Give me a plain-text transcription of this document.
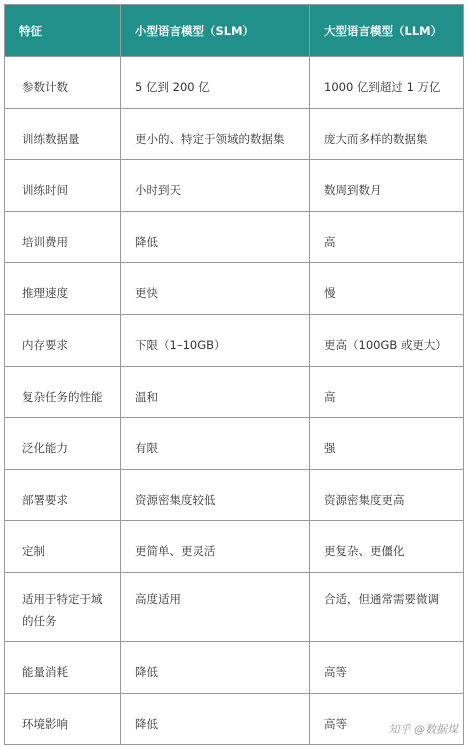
特征	小型语言模型（SLM）	大型语言模型（LLM）
参数计数	5 亿到 200 亿	1000 亿到超过 1 万亿
训练数据量	更小的、特定于领域的数据集	庞大而多样的数据集
训练时间	小时到天	数周到数月
培训费用	降低	高
推理速度	更快	慢
内存要求	下限（1–10GB）	更高（100GB 或更大）
复杂任务的性能	温和	高
泛化能力	有限	强
部署要求	资源密集度较低	资源密集度更高
定制	更简单、更灵活	更复杂、更僵化
适用于特定于域的任务	高度适用	合适，但通常需要微调
能量消耗	降低	高等
环境影响	降低	高等	知乎 @数据煤
